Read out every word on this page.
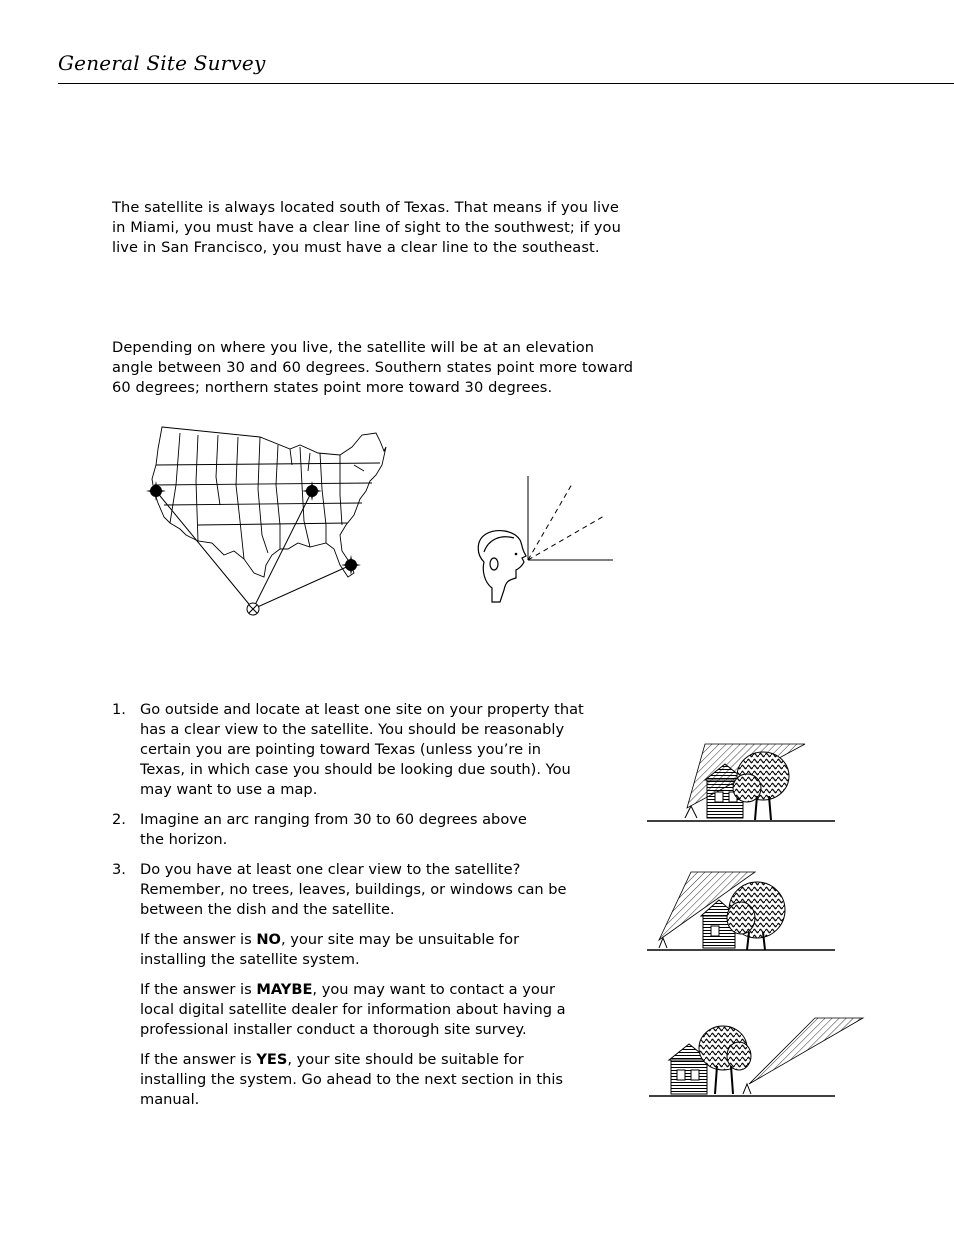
General Site Survey
The satellite is always located south of Texas. That means if you live
in Miami, you must have a clear line of sight to the southwest; if you
live in San Francisco, you must have a clear line to the southeast.
Depending on where you live, the satellite will be at an elevation
angle between 30 and 60 degrees. Southern states point more toward
60 degrees; northern states point more toward 30 degrees.
1. Go outside and locate at least one site on your property that
has a clear view to the satellite. You should be reasonably
certain you are pointing toward Texas (unless you’re in
Texas, in which case you should be looking due south). You
may want to use a map.
2. Imagine an arc ranging from 30 to 60 degrees above
the horizon.
3. Do you have at least one clear view to the satellite?
Remember, no trees, leaves, buildings, or windows can be
between the dish and the satellite.
If the answer is NO, your site may be unsuitable for
installing the satellite system.
If the answer is MAYBE, you may want to contact a your
local digital satellite dealer for information about having a
professional installer conduct a thorough site survey.
If the answer is YES, your site should be suitable for
installing the system. Go ahead to the next section in this
manual.
